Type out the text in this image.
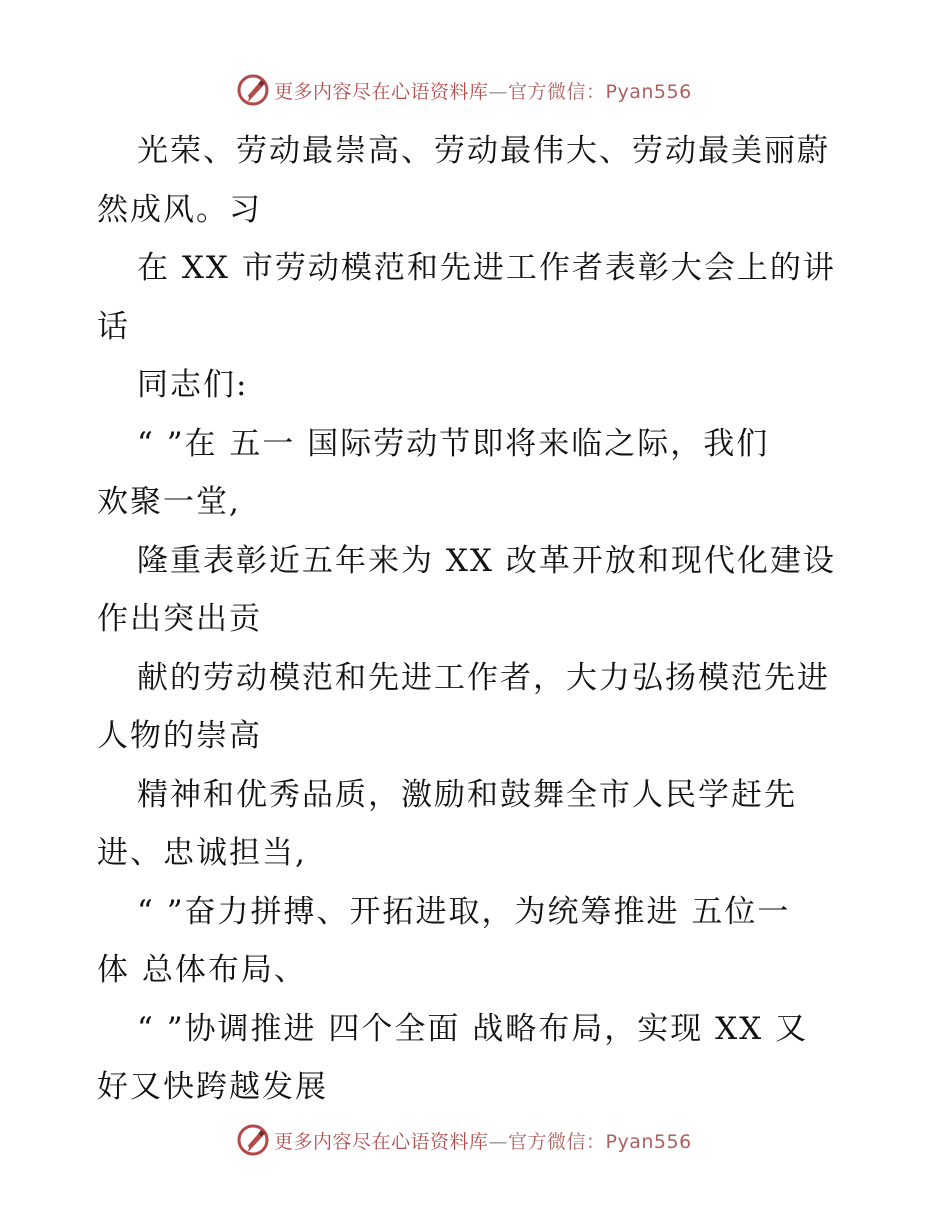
更多内容尽在心语资料库—官方微信：Pyan556
光荣、劳动最崇高、劳动最伟大、劳动最美丽蔚
然成风。习
在 XX 市劳动模范和先进工作者表彰大会上的讲
话
同志们:
“ ”在 五一 国际劳动节即将来临之际，我们
欢聚一堂,
隆重表彰近五年来为 XX 改革开放和现代化建设
作出突出贡
献的劳动模范和先进工作者，大力弘扬模范先进
人物的崇高
精神和优秀品质，激励和鼓舞全市人民学赶先
进、忠诚担当,
“ ”奋力拼搏、开拓进取，为统筹推进 五位一
体 总体布局、
“ ”协调推进 四个全面 战略布局，实现 XX 又
好又快跨越发展
更多内容尽在心语资料库—官方微信：Pyan556
